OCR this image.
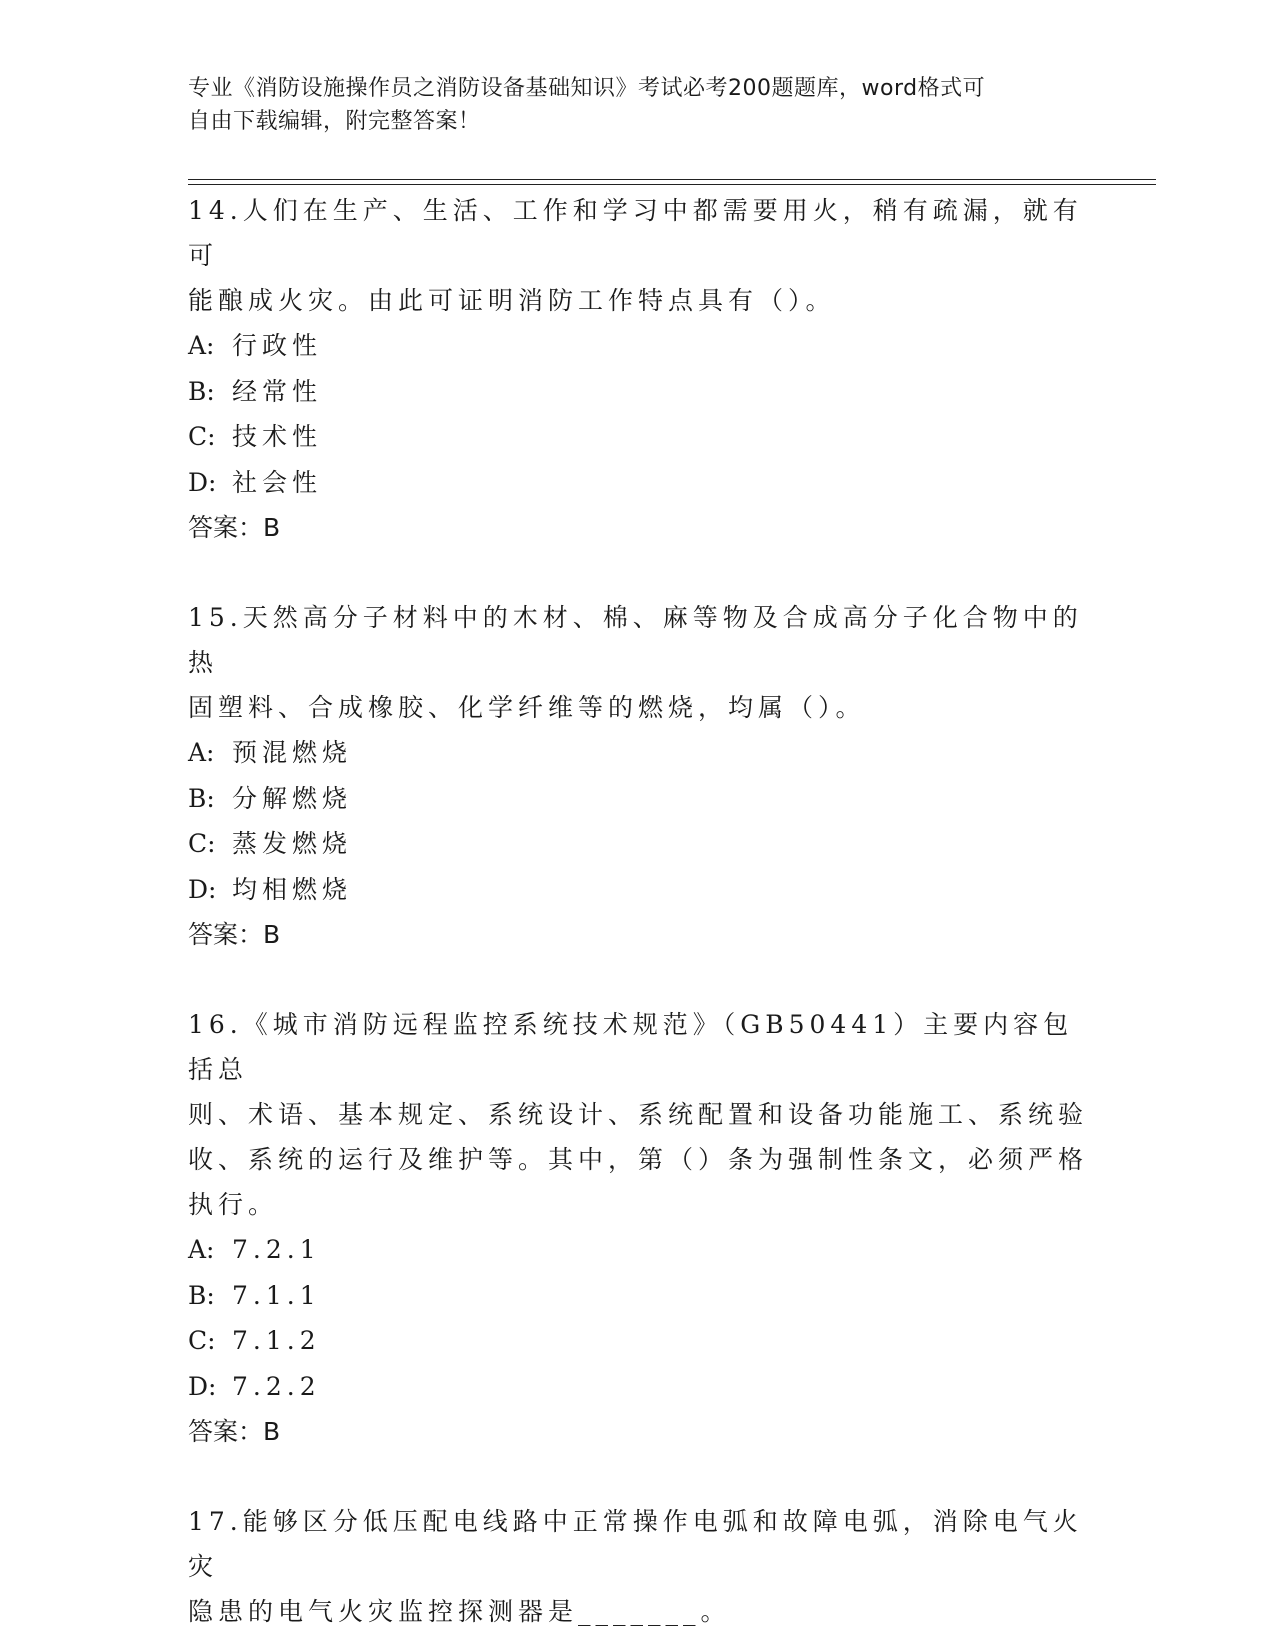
专业《消防设施操作员之消防设备基础知识》考试必考200题题库，word格式可
自由下载编辑，附完整答案！

14.人们在生产、生活、工作和学习中都需要用火，稍有疏漏，就有可

能酿成火灾。由此可证明消防工作特点具有（）。

A: 行政性

B: 经常性

C: 技术性

D: 社会性

答案：B

15.天然高分子材料中的木材、棉、麻等物及合成高分子化合物中的热

固塑料、合成橡胶、化学纤维等的燃烧，均属（）。

A: 预混燃烧

B: 分解燃烧

C: 蒸发燃烧

D: 均相燃烧

答案：B

16.《城市消防远程监控系统技术规范》（GB50441）主要内容包括总

则、术语、基本规定、系统设计、系统配置和设备功能施工、系统验

收、系统的运行及维护等。其中，第（）条为强制性条文，必须严格

执行。

A: 7.2.1

B: 7.1.1

C: 7.1.2

D: 7.2.2

答案：B

17.能够区分低压配电线路中正常操作电弧和故障电弧，消除电气火灾

隐患的电气火灾监控探测器是_______。
